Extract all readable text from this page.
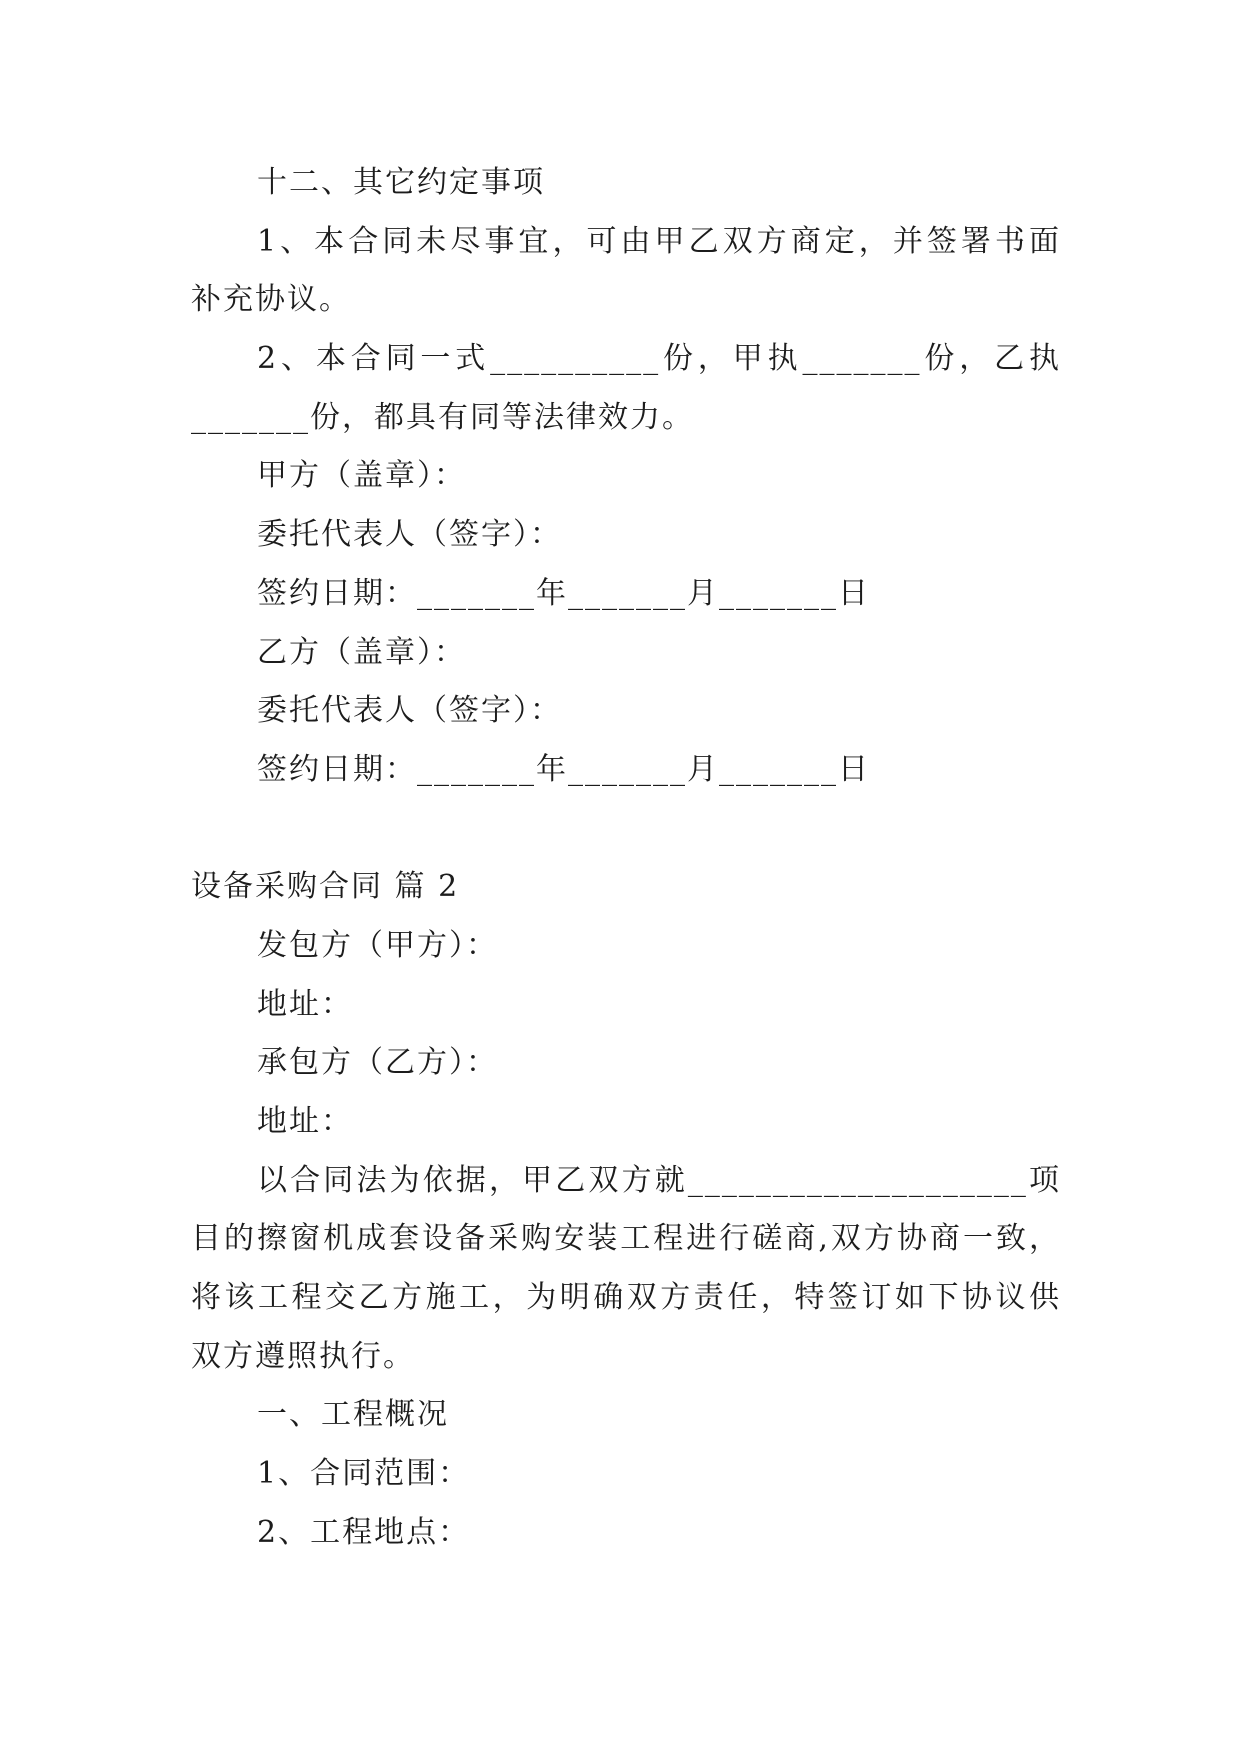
十二、其它约定事项
1、本合同未尽事宜，可由甲乙双方商定，并签署书面
补充协议。
2、本合同一式__________份，甲执_______份，乙执
_______份，都具有同等法律效力。
甲方（盖章）：
委托代表人（签字）：
签约日期：_______年_______月_______日
乙方（盖章）：
委托代表人（签字）：
签约日期：_______年_______月_______日
设备采购合同 篇 2
发包方（甲方）：
地址：
承包方（乙方）：
地址：
以合同法为依据，甲乙双方就____________________项
目的擦窗机成套设备采购安装工程进行磋商,双方协商一致，
将该工程交乙方施工，为明确双方责任，特签订如下协议供
双方遵照执行。
一、工程概况
1、合同范围：
2、工程地点：
